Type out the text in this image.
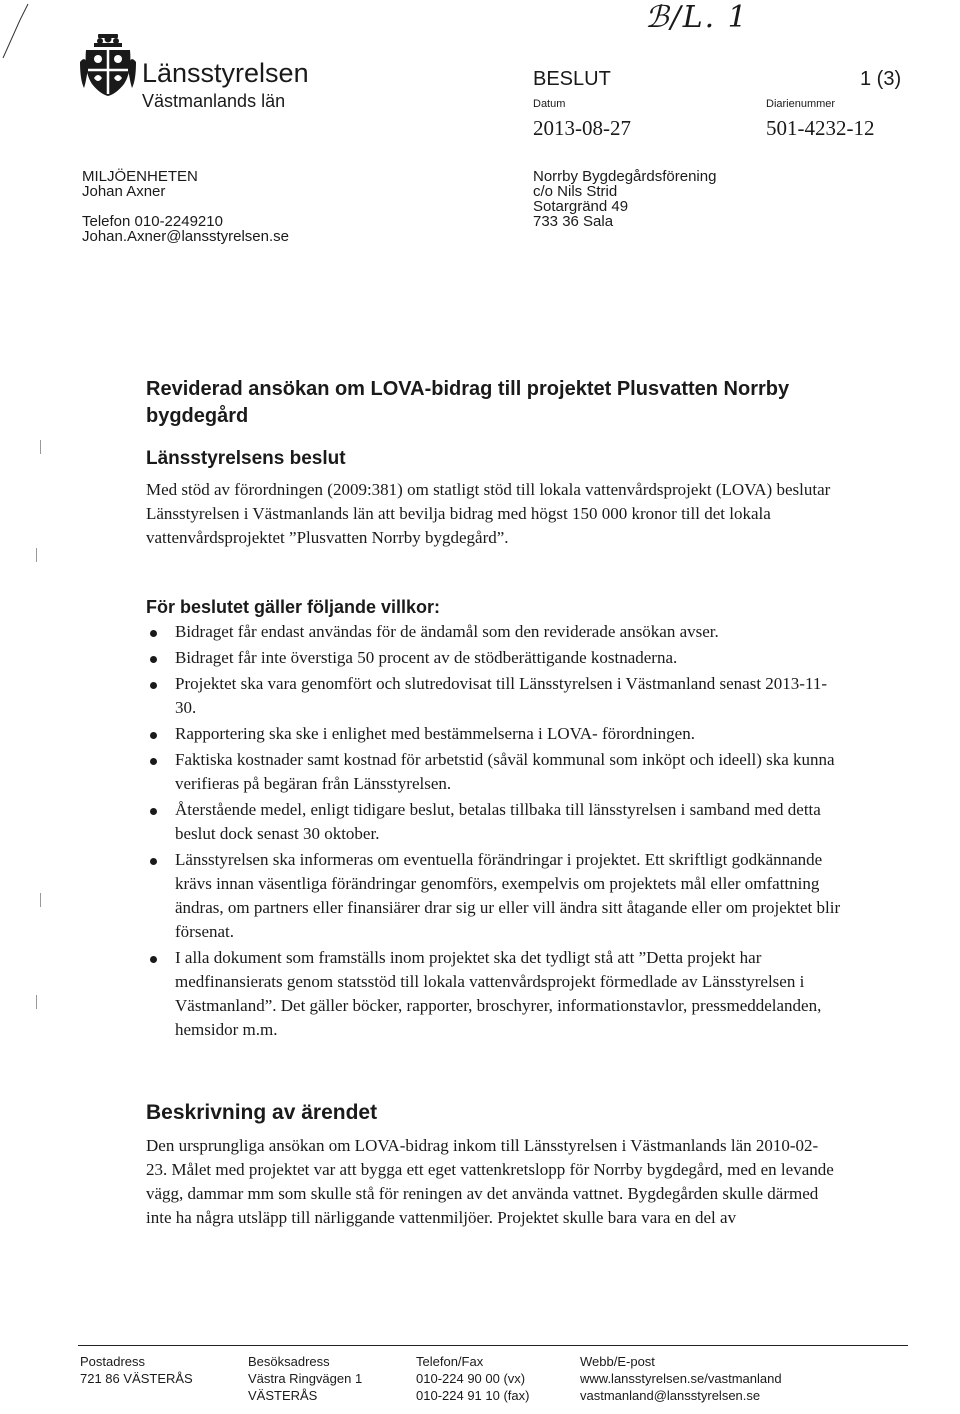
Länsstyrelsen
Västmanlands län
ℬ/L. 1
BESLUT	1 (3)
Datum
2013-08-27
Diarienummer
501-4232-12
MILJÖENHETEN
Johan Axner
Telefon 010-2249210
Johan.Axner@lansstyrelsen.se
Norrby Bygdegårdsförening
c/o Nils Strid
Sotargränd 49
733 36 Sala
Reviderad ansökan om LOVA-bidrag till projektet Plusvatten Norrby bygdegård
Länsstyrelsens beslut
Med stöd av förordningen (2009:381) om statligt stöd till lokala vattenvårdsprojekt (LOVA) beslutar Länsstyrelsen i Västmanlands län att bevilja bidrag med högst 150 000 kronor till det lokala vattenvårdsprojektet ”Plusvatten Norrby bygdegård”.
För beslutet gäller följande villkor:
Bidraget får endast användas för de ändamål som den reviderade ansökan avser.
Bidraget får inte överstiga 50 procent av de stödberättigande kostnaderna.
Projektet ska vara genomfört och slutredovisat till Länsstyrelsen i Västmanland senast 2013-11-30.
Rapportering ska ske i enlighet med bestämmelserna i LOVA- förordningen.
Faktiska kostnader samt kostnad för arbetstid (såväl kommunal som inköpt och ideell) ska kunna verifieras på begäran från Länsstyrelsen.
Återstående medel, enligt tidigare beslut, betalas tillbaka till länsstyrelsen i samband med detta beslut dock senast 30 oktober.
Länsstyrelsen ska informeras om eventuella förändringar i projektet. Ett skriftligt godkännande krävs innan väsentliga förändringar genomförs, exempelvis om projektets mål eller omfattning ändras, om partners eller finansiärer drar sig ur eller vill ändra sitt åtagande eller om projektet blir försenat.
I alla dokument som framställs inom projektet ska det tydligt stå att ”Detta projekt har medfinansierats genom statsstöd till lokala vattenvårdsprojekt förmedlade av Länsstyrelsen i Västmanland”. Det gäller böcker, rapporter, broschyrer, informationstavlor, pressmeddelanden, hemsidor m.m.
Beskrivning av ärendet
Den ursprungliga ansökan om LOVA-bidrag inkom till Länsstyrelsen i Västmanlands län 2010-02-23. Målet med projektet var att bygga ett eget vattenkretslopp för Norrby bygdegård, med en levande vägg, dammar mm som skulle stå för reningen av det använda vattnet. Bygdegården skulle därmed inte ha några utsläpp till närliggande vattenmiljöer. Projektet skulle bara vara en del av
Postadress
721 86 VÄSTERÅS
Besöksadress
Västra Ringvägen 1
VÄSTERÅS
Telefon/Fax
010-224 90 00 (vx)
010-224 91 10 (fax)
Webb/E-post
www.lansstyrelsen.se/vastmanland
vastmanland@lansstyrelsen.se
